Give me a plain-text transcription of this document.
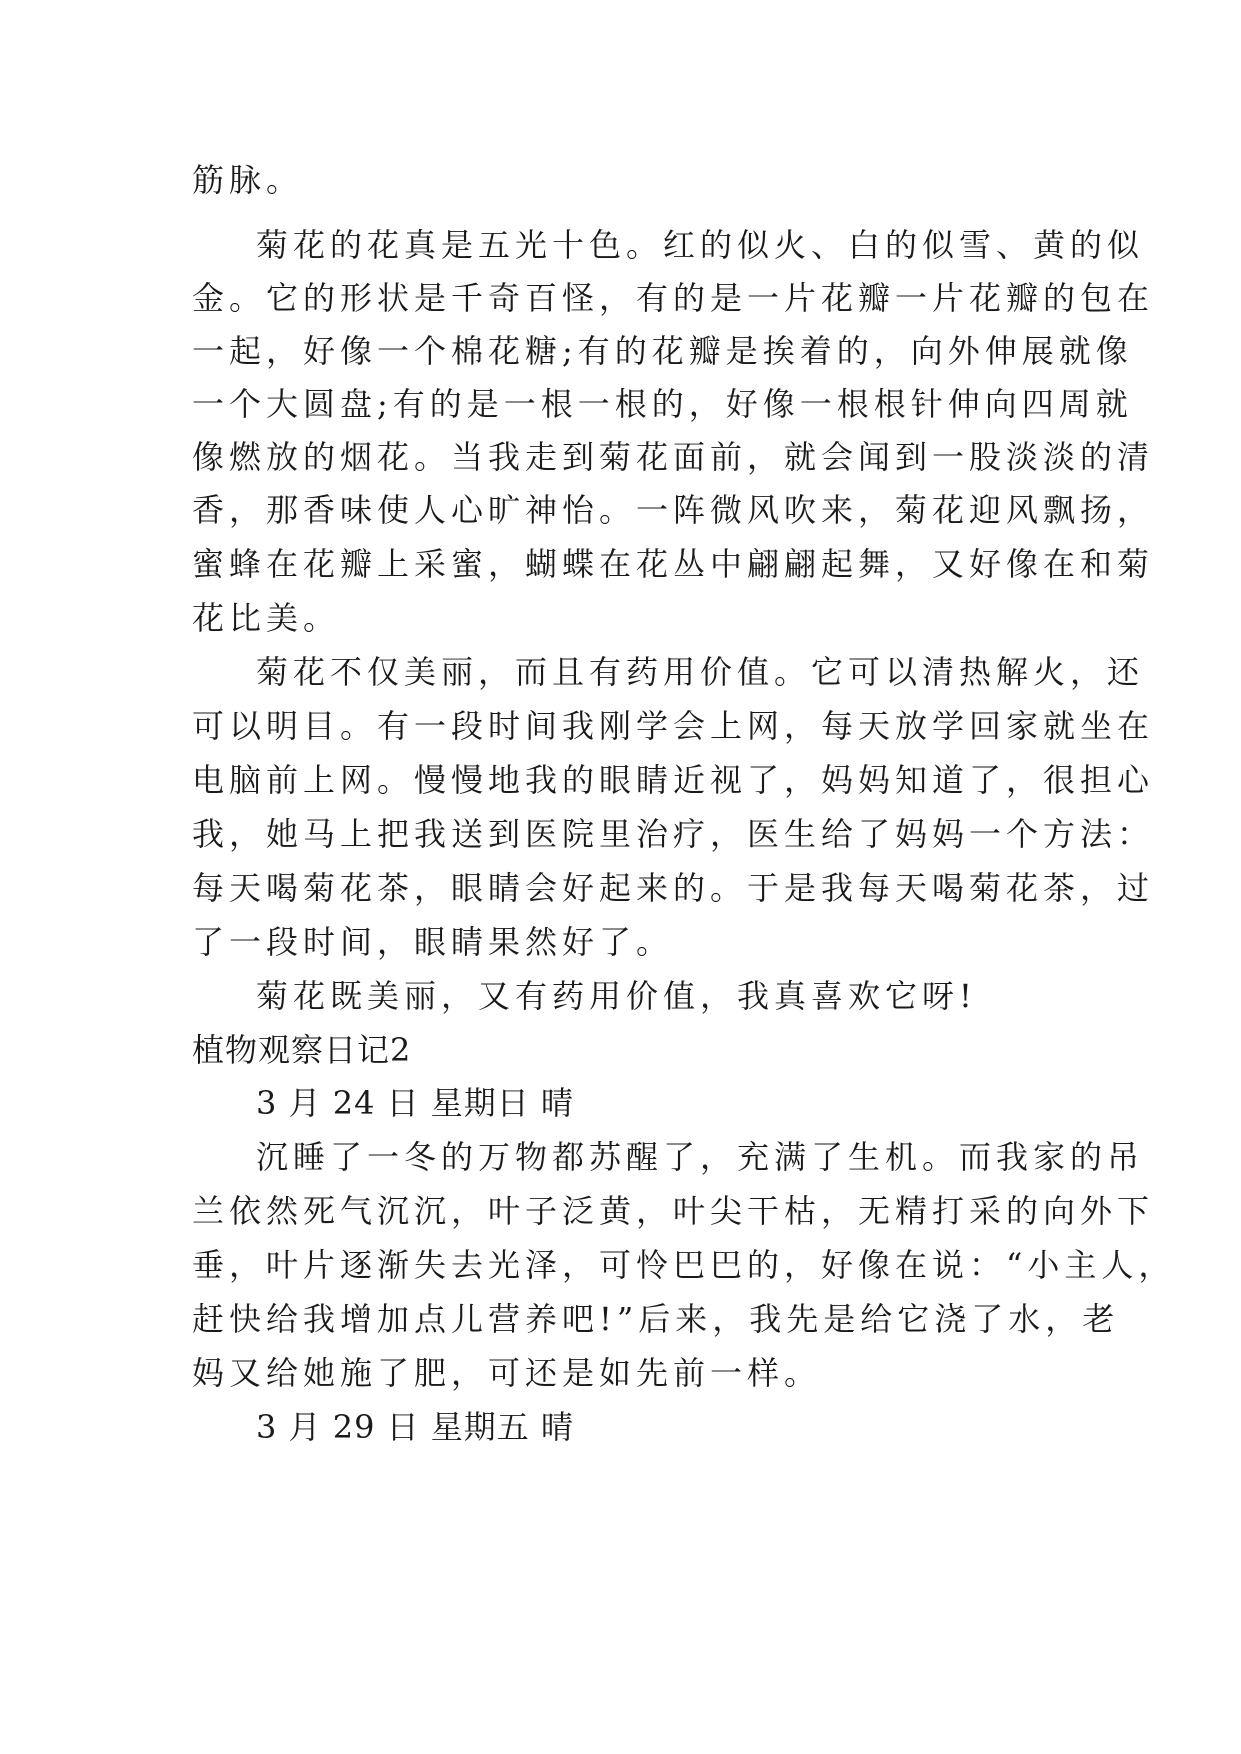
筋脉。

菊花的花真是五光十色。红的似火、白的似雪、黄的似

金。它的形状是千奇百怪，有的是一片花瓣一片花瓣的包在

一起，好像一个棉花糖;有的花瓣是挨着的，向外伸展就像

一个大圆盘;有的是一根一根的，好像一根根针伸向四周就

像燃放的烟花。当我走到菊花面前，就会闻到一股淡淡的清

香，那香味使人心旷神怡。一阵微风吹来，菊花迎风飘扬，

蜜蜂在花瓣上采蜜，蝴蝶在花丛中翩翩起舞，又好像在和菊

花比美。

菊花不仅美丽，而且有药用价值。它可以清热解火，还

可以明目。有一段时间我刚学会上网，每天放学回家就坐在

电脑前上网。慢慢地我的眼睛近视了，妈妈知道了，很担心

我，她马上把我送到医院里治疗，医生给了妈妈一个方法：

每天喝菊花茶，眼睛会好起来的。于是我每天喝菊花茶，过

了一段时间，眼睛果然好了。

菊花既美丽，又有药用价值，我真喜欢它呀!

植物观察日记2

3 月 24 日 星期日 晴

沉睡了一冬的万物都苏醒了，充满了生机。而我家的吊

兰依然死气沉沉，叶子泛黄，叶尖干枯，无精打采的向外下

垂，叶片逐渐失去光泽，可怜巴巴的，好像在说：“小主人，

赶快给我增加点儿营养吧!”后来，我先是给它浇了水，老

妈又给她施了肥，可还是如先前一样。

3 月 29 日 星期五 晴
